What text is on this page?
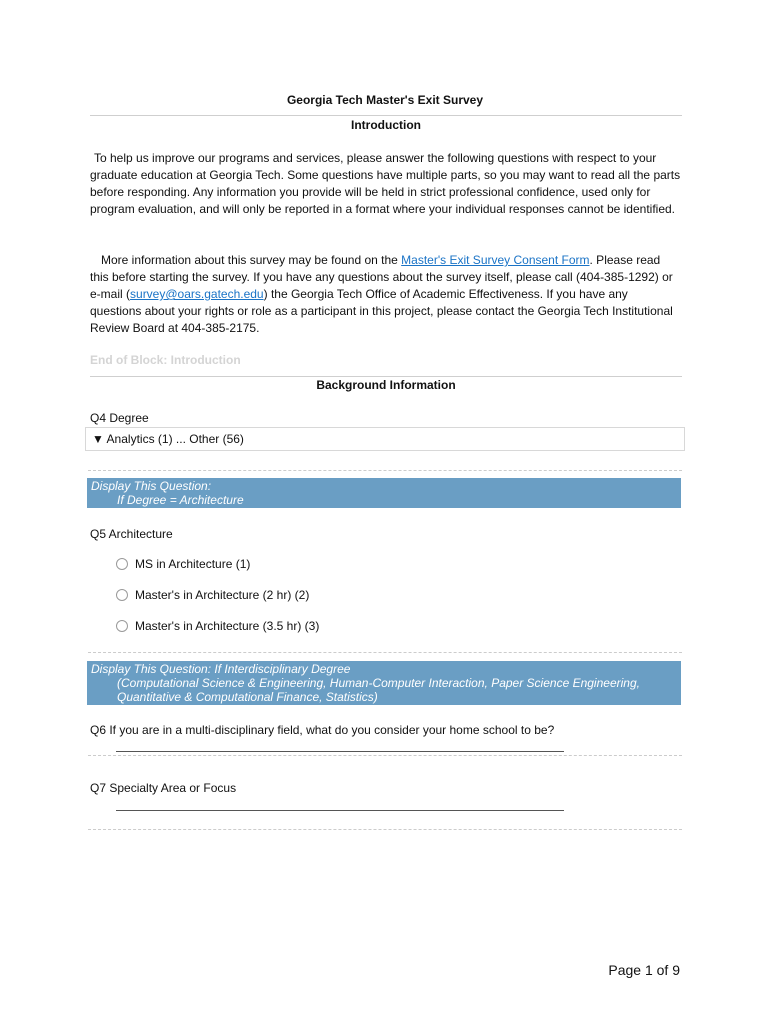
Georgia Tech Master's Exit Survey
Introduction
To help us improve our programs and services, please answer the following questions with respect to your graduate education at Georgia Tech. Some questions have multiple parts, so you may want to read all the parts before responding. Any information you provide will be held in strict professional confidence, used only for program evaluation, and will only be reported in a format where your individual responses cannot be identified.
More information about this survey may be found on the Master's Exit Survey Consent Form. Please read this before starting the survey. If you have any questions about the survey itself, please call (404-385-1292) or e-mail (survey@oars.gatech.edu) the Georgia Tech Office of Academic Effectiveness. If you have any questions about your rights or role as a participant in this project, please contact the Georgia Tech Institutional Review Board at 404-385-2175.
End of Block: Introduction
Background Information
Q4 Degree
▼ Analytics (1) ... Other (56)
Display This Question:
If Degree = Architecture
Q5 Architecture
MS in Architecture (1)
Master's in Architecture (2 hr) (2)
Master's in Architecture (3.5 hr) (3)
Display This Question: If Interdisciplinary Degree
(Computational Science & Engineering, Human-Computer Interaction, Paper Science Engineering,
Quantitative & Computational Finance, Statistics)
Q6 If you are in a multi-disciplinary field, what do you consider your home school to be?
Q7 Specialty Area or Focus
Page 1 of 9
